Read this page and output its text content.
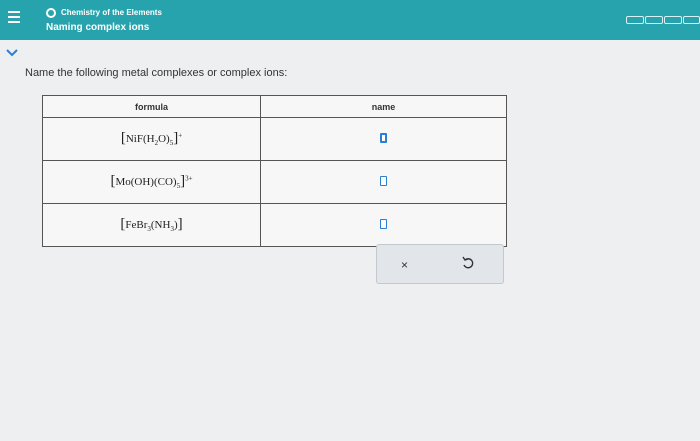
Chemistry of the Elements
Naming complex ions
Name the following metal complexes or complex ions:
formula	name
$[NiF(H_2O)_5]^+$	
$[Mo(OH)(CO)_5]^{3+}$	
$[FeBr_3(NH_3)]$	
×
